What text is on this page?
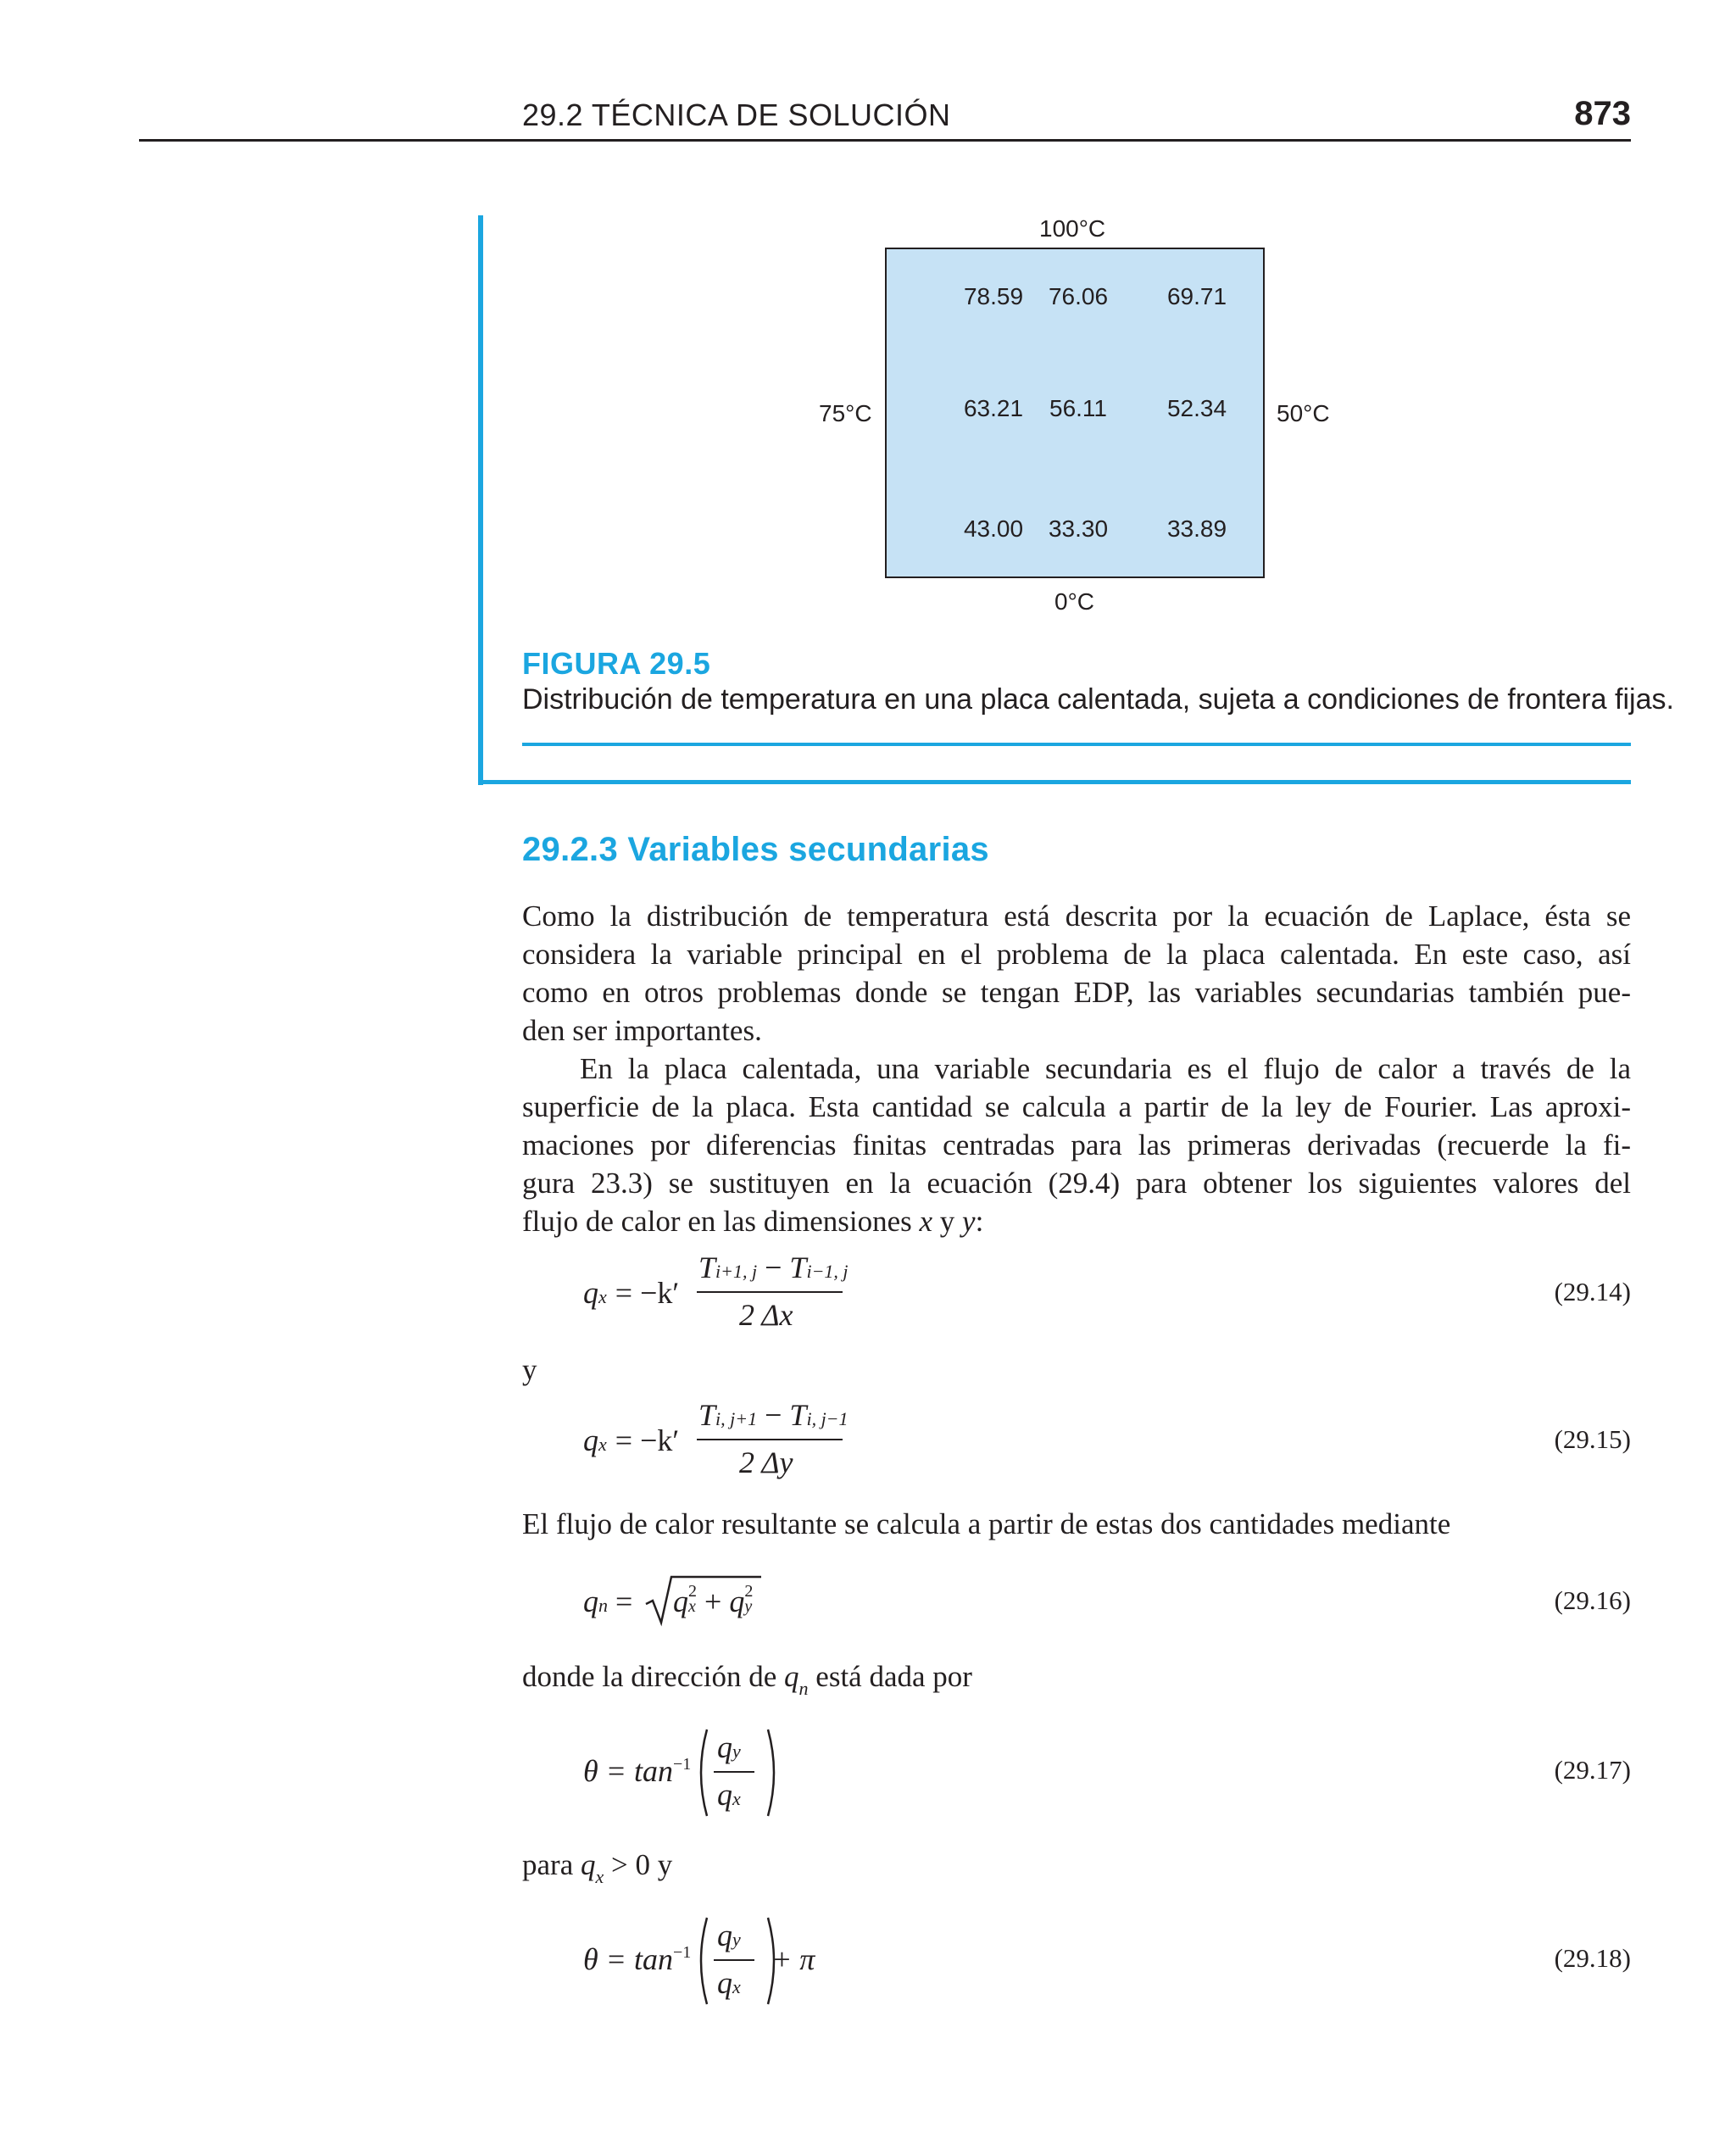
29.2 TÉCNICA DE SOLUCIÓN	873
100°C
75°C	50°C
0°C
78.59	76.06	69.71
63.21	56.11	52.34
43.00	33.30	33.89
FIGURA 29.5
Distribución de temperatura en una placa calentada, sujeta a condiciones de frontera fijas.
29.2.3 Variables secundarias
Como la distribución de temperatura está descrita por la ecuación de Laplace, ésta se
considera la variable principal en el problema de la placa calentada. En este caso, así
como en otros problemas donde se tengan EDP, las variables secundarias también pue-
den ser importantes.
En la placa calentada, una variable secundaria es el flujo de calor a través de la
superficie de la placa. Esta cantidad se calcula a partir de la ley de Fourier. Las aproxi-
maciones por diferencias finitas centradas para las primeras derivadas (recuerde la fi-
gura 23.3) se sustituyen en la ecuación (29.4) para obtener los siguientes valores del
flujo de calor en las dimensiones x y y:
qx = −k′
Ti+1, j − Ti−1, j
2 Δx
(29.14)
y
qx = −k′
Ti, j+1 − Ti, j−1
2 Δy
(29.15)
El flujo de calor resultante se calcula a partir de estas dos cantidades mediante
qn = q2
x + q2
y	(29.16)
donde la dirección de $q_n$ está dada por
$\theta = \tan^{-1}$ qy
qx
(29.17)
para $q_x > 0$ y
$\theta = \tan^{-1}$ qy
qx
+ π	(29.18)
